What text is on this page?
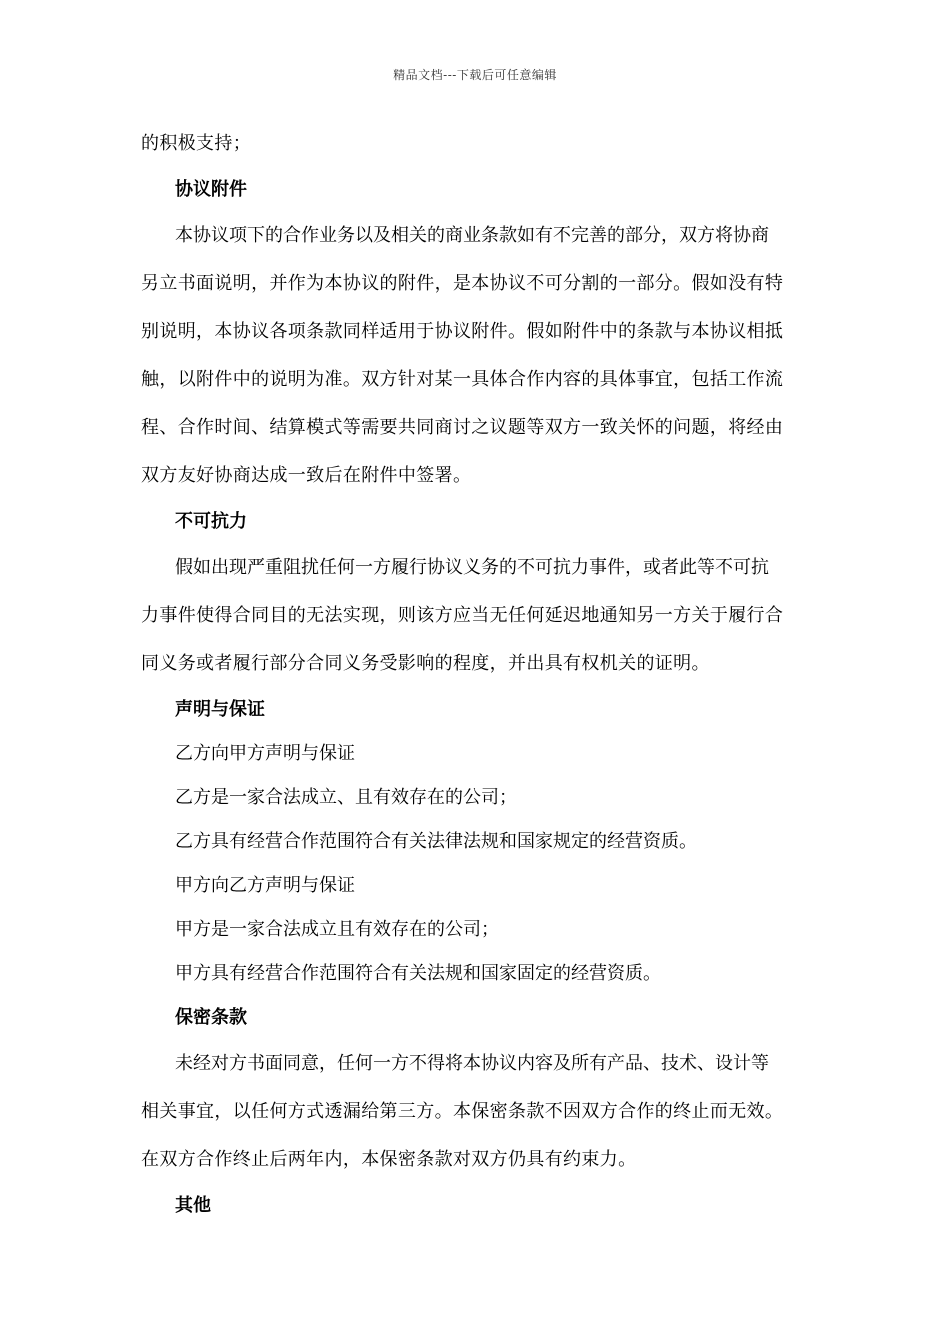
精品文档---下载后可任意编辑

的积极支持；

协议附件

本协议项下的合作业务以及相关的商业条款如有不完善的部分，双方将协商

另立书面说明，并作为本协议的附件，是本协议不可分割的一部分。假如没有特

别说明，本协议各项条款同样适用于协议附件。假如附件中的条款与本协议相抵

触，以附件中的说明为准。双方针对某一具体合作内容的具体事宜，包括工作流

程、合作时间、结算模式等需要共同商讨之议题等双方一致关怀的问题，将经由

双方友好协商达成一致后在附件中签署。

不可抗力

假如出现严重阻扰任何一方履行协议义务的不可抗力事件，或者此等不可抗

力事件使得合同目的无法实现，则该方应当无任何延迟地通知另一方关于履行合

同义务或者履行部分合同义务受影响的程度，并出具有权机关的证明。

声明与保证

乙方向甲方声明与保证

乙方是一家合法成立、且有效存在的公司；

乙方具有经营合作范围符合有关法律法规和国家规定的经营资质。

甲方向乙方声明与保证

甲方是一家合法成立且有效存在的公司；

甲方具有经营合作范围符合有关法规和国家固定的经营资质。

保密条款

未经对方书面同意，任何一方不得将本协议内容及所有产品、技术、设计等

相关事宜，以任何方式透漏给第三方。本保密条款不因双方合作的终止而无效。

在双方合作终止后两年内，本保密条款对双方仍具有约束力。

其他
